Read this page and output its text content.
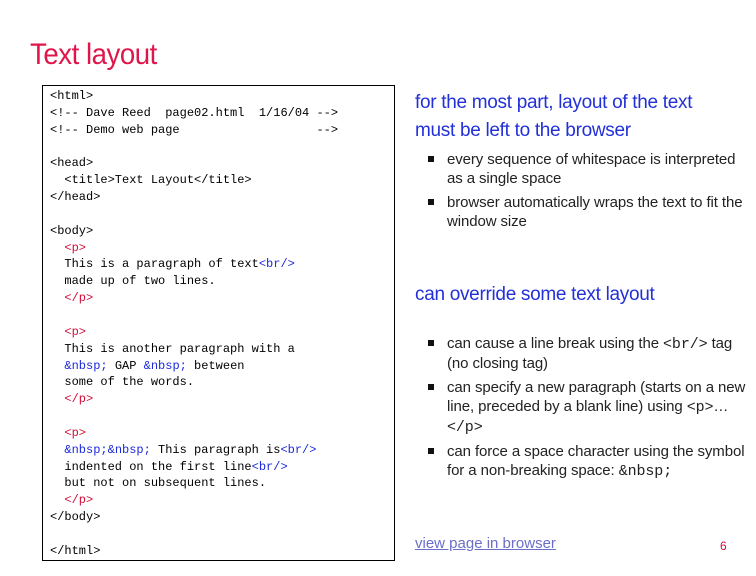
Text layout
<html>
<!-- Dave Reed  page02.html  1/16/04 -->
<!-- Demo web page                   -->
<head>
<title>Text Layout</title>
</head>
<body>
<p>
This is a paragraph of text<br/>
made up of two lines.
</p>
<p>
This is another paragraph with a
&nbsp; GAP &nbsp; between
some of the words.
</p>
<p>
&nbsp;&nbsp; This paragraph is<br/>
indented on the first line<br/>
but not on subsequent lines.
</p>
</body>
</html>
for the most part, layout of the text
must be left to the browser
every sequence of whitespace is interpreted as a single space
browser automatically wraps the text to fit the window size
can override some text layout
can cause a line break using the <br/> tag (no closing tag)
can specify a new paragraph (starts on a new line, preceded by a blank line) using <p>…</p>
can force a space character using the symbol for a non-breaking space: &nbsp;
view page in browser	6
